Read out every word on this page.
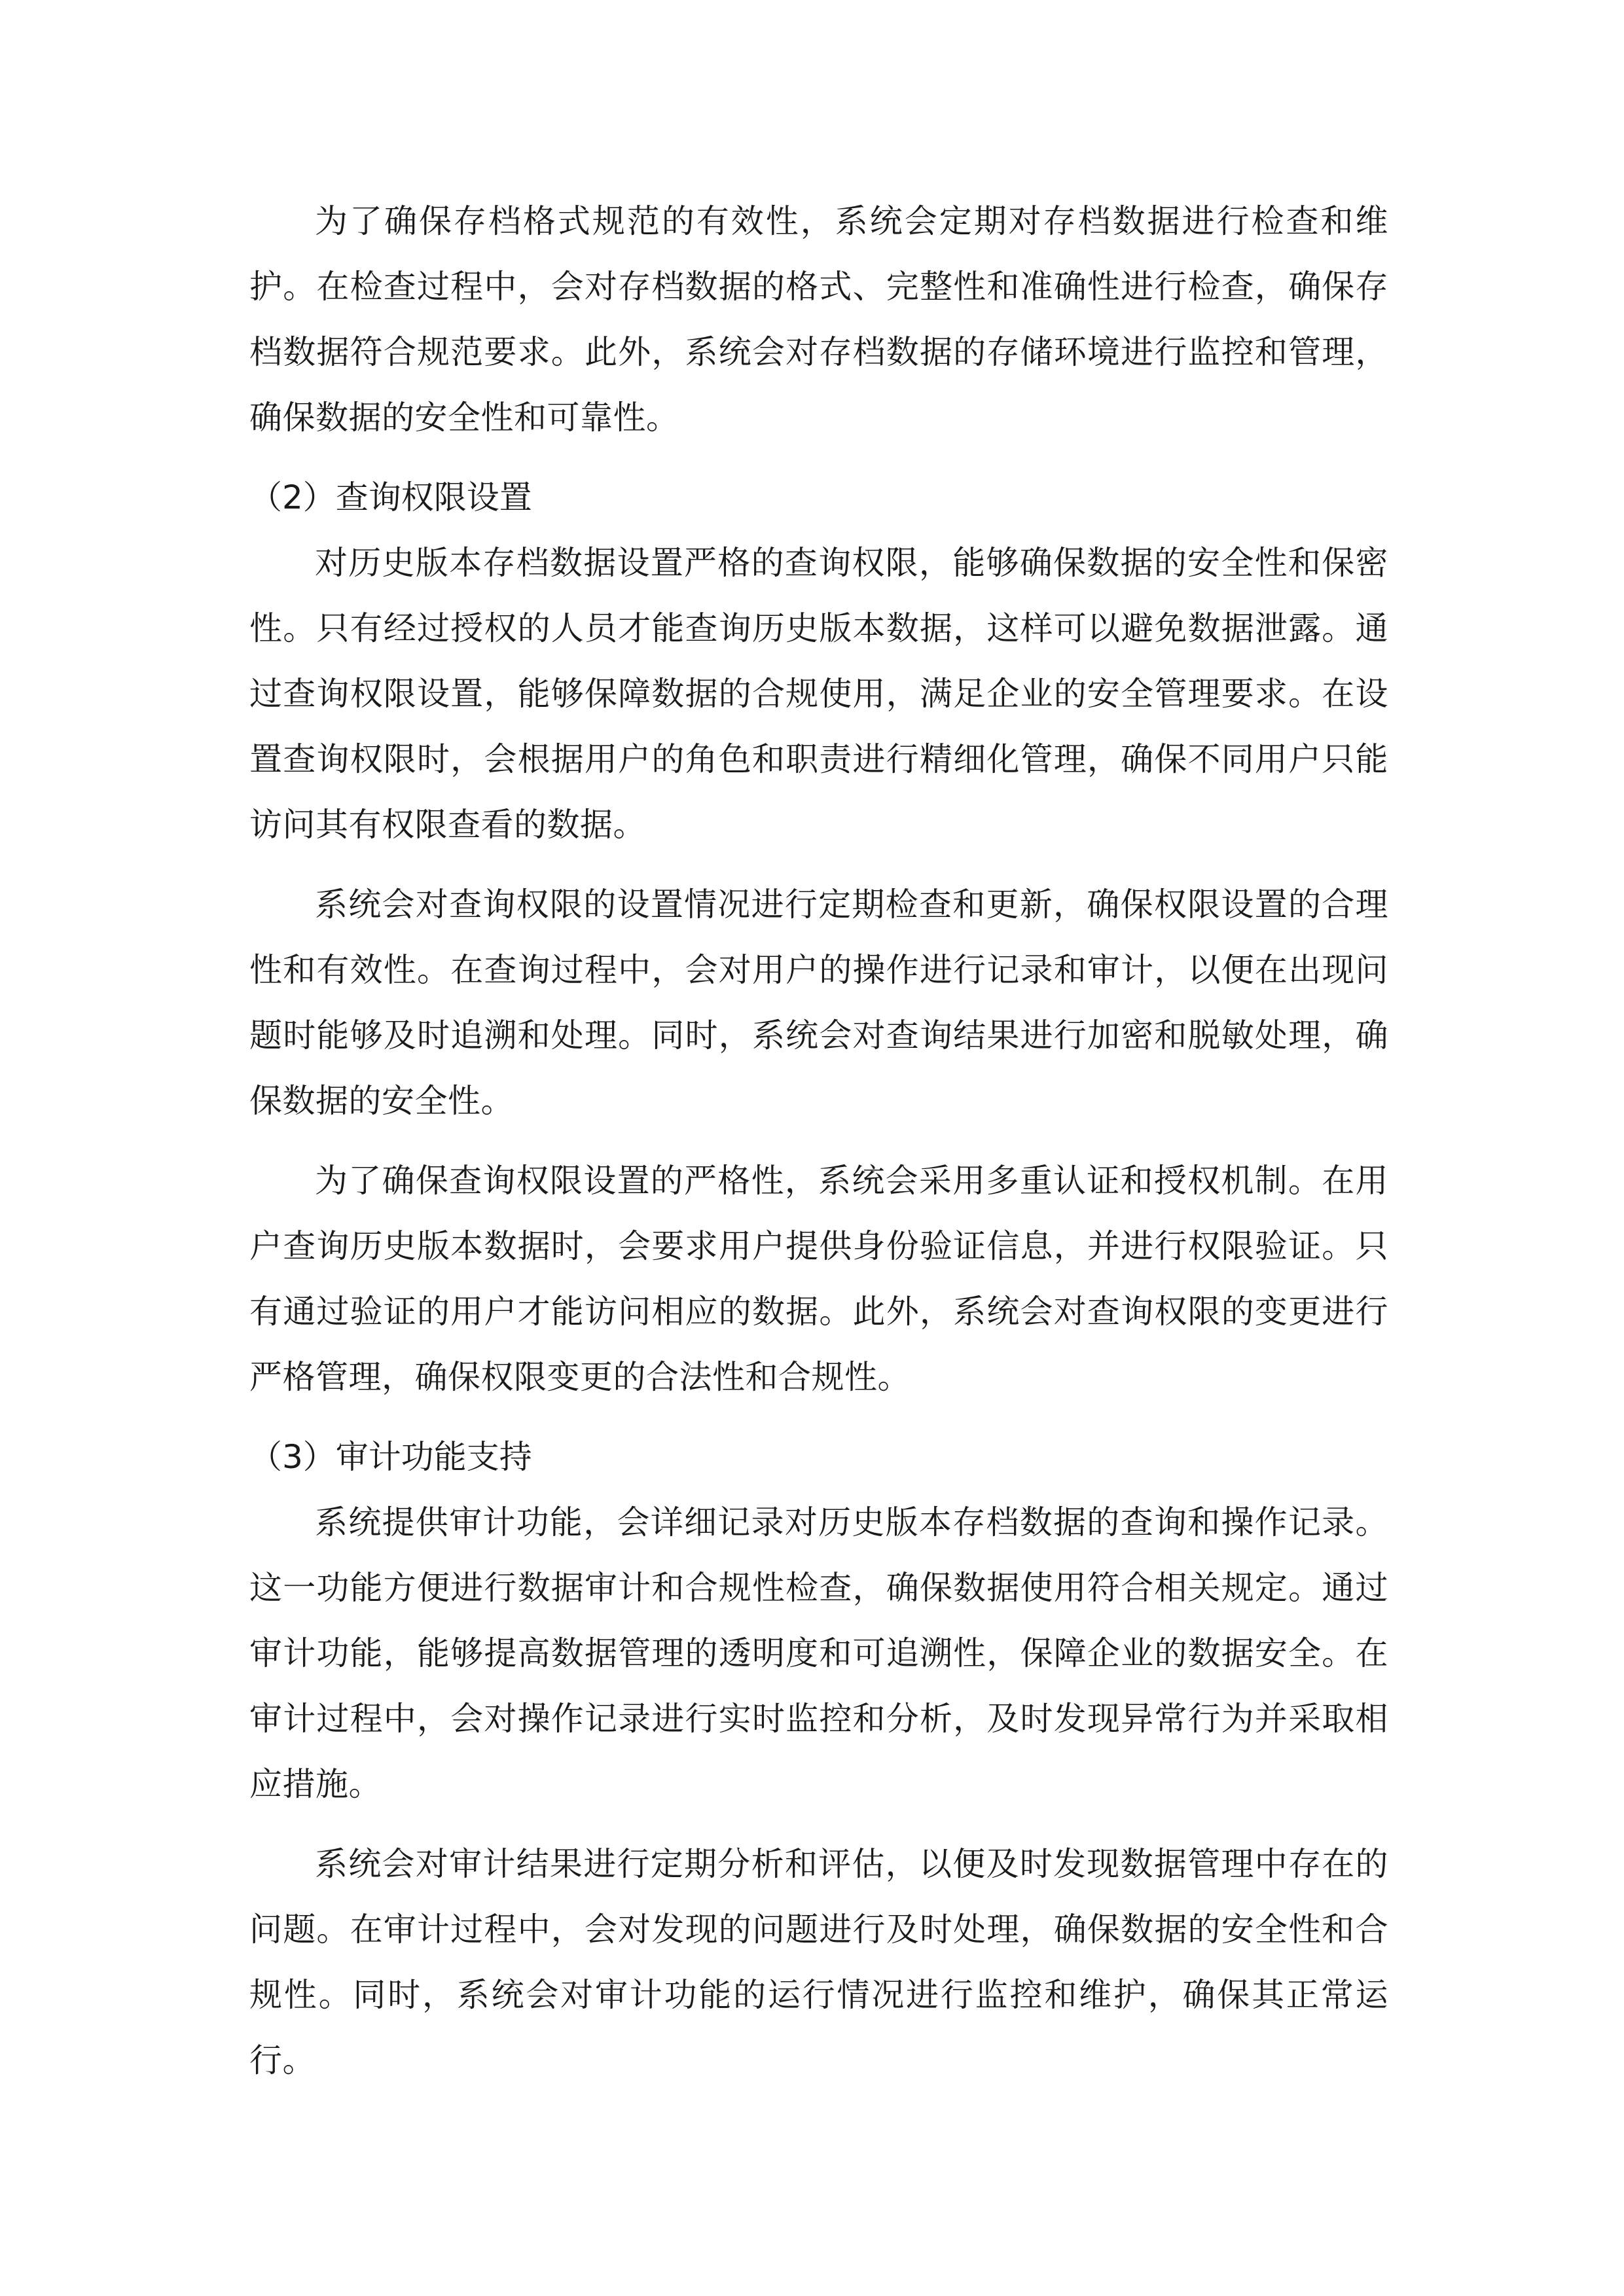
为了确保存档格式规范的有效性，系统会定期对存档数据进行检查和维护。在检查过程中，会对存档数据的格式、完整性和准确性进行检查，确保存档数据符合规范要求。此外，系统会对存档数据的存储环境进行监控和管理，确保数据的安全性和可靠性。

（2）查询权限设置

对历史版本存档数据设置严格的查询权限，能够确保数据的安全性和保密性。只有经过授权的人员才能查询历史版本数据，这样可以避免数据泄露。通过查询权限设置，能够保障数据的合规使用，满足企业的安全管理要求。在设置查询权限时，会根据用户的角色和职责进行精细化管理，确保不同用户只能访问其有权限查看的数据。

系统会对查询权限的设置情况进行定期检查和更新，确保权限设置的合理性和有效性。在查询过程中，会对用户的操作进行记录和审计，以便在出现问题时能够及时追溯和处理。同时，系统会对查询结果进行加密和脱敏处理，确保数据的安全性。

为了确保查询权限设置的严格性，系统会采用多重认证和授权机制。在用户查询历史版本数据时，会要求用户提供身份验证信息，并进行权限验证。只有通过验证的用户才能访问相应的数据。此外，系统会对查询权限的变更进行严格管理，确保权限变更的合法性和合规性。

（3）审计功能支持

系统提供审计功能，会详细记录对历史版本存档数据的查询和操作记录。这一功能方便进行数据审计和合规性检查，确保数据使用符合相关规定。通过审计功能，能够提高数据管理的透明度和可追溯性，保障企业的数据安全。在审计过程中，会对操作记录进行实时监控和分析，及时发现异常行为并采取相应措施。

系统会对审计结果进行定期分析和评估，以便及时发现数据管理中存在的问题。在审计过程中，会对发现的问题进行及时处理，确保数据的安全性和合规性。同时，系统会对审计功能的运行情况进行监控和维护，确保其正常运行。
